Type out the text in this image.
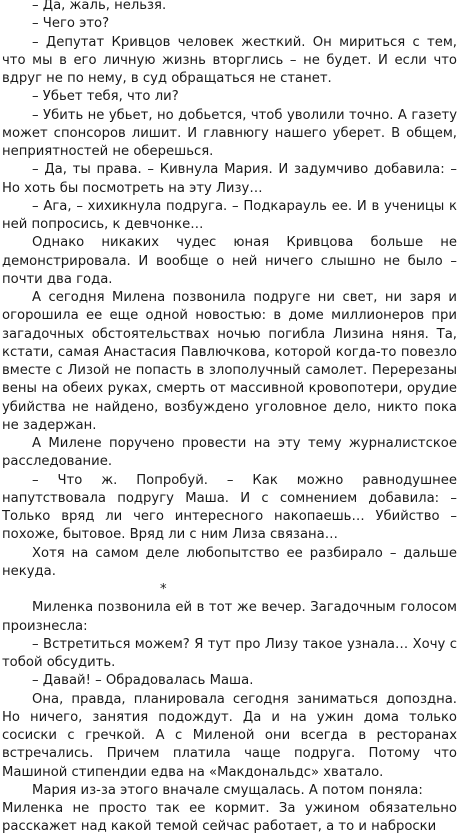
– Да, жаль, нельзя.

– Чего это?

– Депутат Кривцов человек жесткий. Он мириться с тем, что мы в его личную жизнь вторглись – не будет. И если что вдруг не по нему, в суд обращаться не станет.

– Убьет тебя, что ли?

– Убить не убьет, но добьется, чтоб уволили точно. А газету может спонсоров лишит. И главнюгу нашего уберет. В общем, неприятностей не оберешься.

– Да, ты права. – Кивнула Мария. И задумчиво добавила: – Но хоть бы посмотреть на эту Лизу…

– Ага, – хихикнула подруга. – Подкарауль ее. И в ученицы к ней попросись, к девчонке…

Однако никаких чудес юная Кривцова больше не демонстрировала. И вообще о ней ничего слышно не было – почти два года.

А сегодня Милена позвонила подруге ни свет, ни заря и огорошила ее еще одной новостью: в доме миллионеров при загадочных обстоятельствах ночью погибла Лизина няня. Та, кстати, самая Анастасия Павлючкова, которой когда-то повезло вместе с Лизой не попасть в злополучный самолет. Перерезаны вены на обеих руках, смерть от массивной кровопотери, орудие убийства не найдено, возбуждено уголовное дело, никто пока не задержан.

А Милене поручено провести на эту тему журналистское расследование.

– Что ж. Попробуй. – Как можно равнодушнее напутствовала подругу Маша. И с сомнением добавила: – Только вряд ли чего интересного накопаешь… Убийство – похоже, бытовое. Вряд ли с ним Лиза связана…

Хотя на самом деле любопытство ее разбирало – дальше некуда.

*

Миленка позвонила ей в тот же вечер. Загадочным голосом произнесла:

– Встретиться можем? Я тут про Лизу такое узнала… Хочу с тобой обсудить.

– Давай! – Обрадовалась Маша.

Она, правда, планировала сегодня заниматься допоздна. Но ничего, занятия подождут. Да и на ужин дома только сосиски с гречкой. А с Миленой они всегда в ресторанах встречались. Причем платила чаще подруга. Потому что Машиной стипендии едва на «Макдональдс» хватало.

Мария из-за этого вначале смущалась. А потом поняла:

Миленка не просто так ее кормит. За ужином обязательно расскажет над какой темой сейчас работает, а то и наброски
